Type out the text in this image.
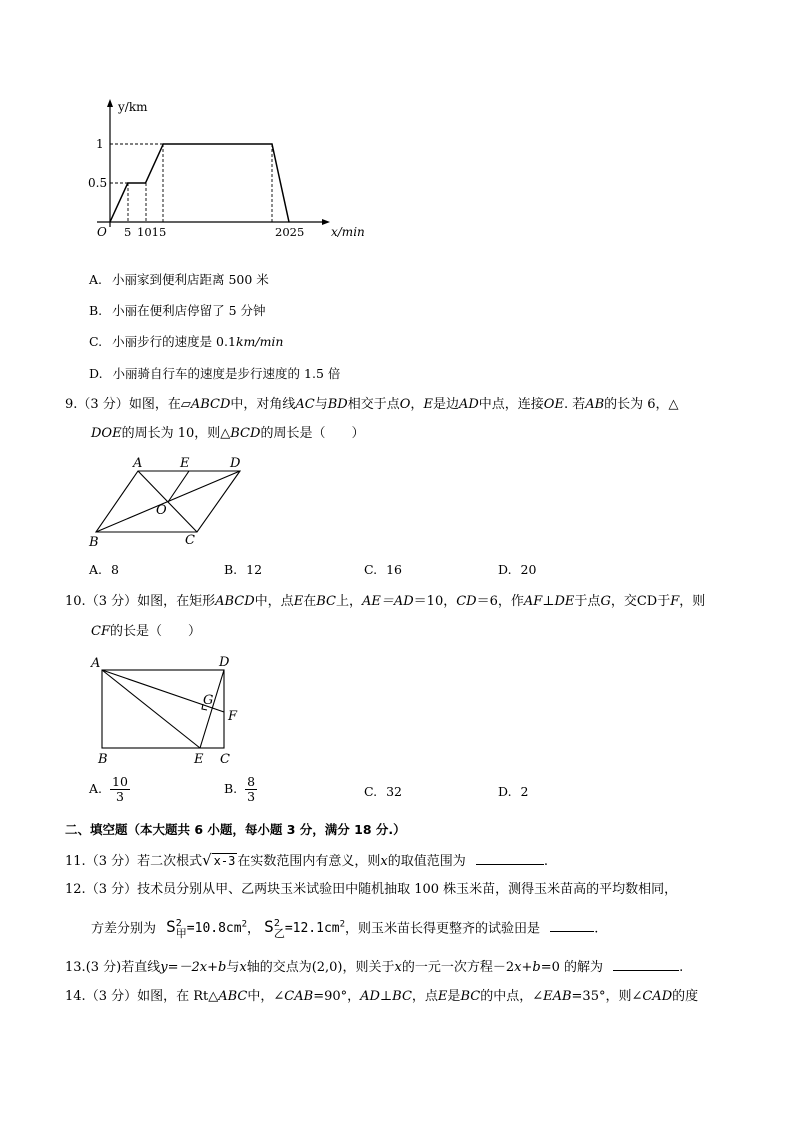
y/km
1
0.5
O 5 1015	2025 x/min
A. 小丽家到便利店距离 500 米
B. 小丽在便利店停留了 5 分钟
C. 小丽步行的速度是 0.1km/min
D. 小丽骑自行车的速度是步行速度的 1.5 倍
9.（3 分）如图，在▱ABCD中，对角线AC与BD相交于点O，E是边AD中点，连接OE. 若AB的长为 6，△
DOE的周长为 10，则△BCD的周长是（　　）
A	E	D
O
B	C
A. 8	B. 12	C. 16	D. 20
10.（3 分）如图，在矩形ABCD中，点E在BC上，AE＝AD＝10，CD＝6，作AF⊥DE于点G，交CD于F，则
CF的长是（　　）
A	D
G
F
B	E C
A. $\frac{10}{3}$	B. $\frac{8}{3}$	C. 32	D. 2
二、填空题（本大题共 6 小题，每小题 3 分，满分 18 分.）
11.（3 分）若二次根式√ x-3 在实数范围内有意义，则x的取值范围为	.
12.（3 分）技术员分别从甲、乙两块玉米试验田中随机抽取 100 株玉米苗，测得玉米苗高的平均数相同，
方差分别为 S 2
甲 $=10.8cm^2$， S 2
乙 $=12.1cm^2$，则玉米苗长得更整齐的试验田是	.
13.(3 分)若直线y=－2x+b与x轴的交点为(2,0)，则关于x的一元一次方程－2x+b=0 的解为	.
14.（3 分）如图，在 Rt△ABC中，∠CAB=90°，AD⊥BC，点E是BC的中点，∠EAB=35°，则∠CAD的度
